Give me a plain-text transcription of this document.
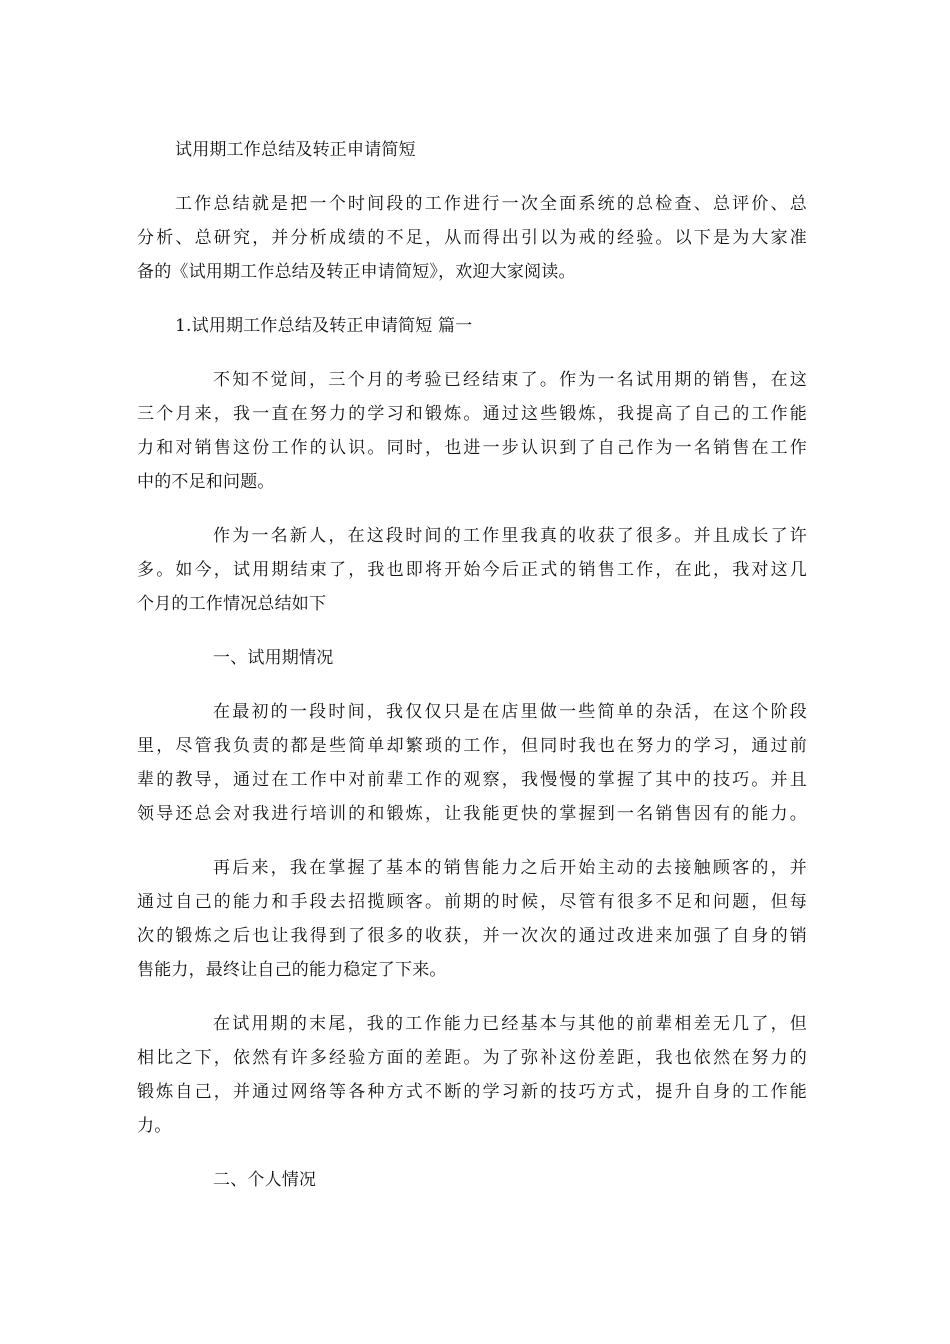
试用期工作总结及转正申请简短
工作总结就是把一个时间段的工作进行一次全面系统的总检查、总评价、总
分析、总研究，并分析成绩的不足，从而得出引以为戒的经验。以下是为大家准
备的《试用期工作总结及转正申请简短》，欢迎大家阅读。
1.试用期工作总结及转正申请简短 篇一
不知不觉间，三个月的考验已经结束了。作为一名试用期的销售，在这
三个月来，我一直在努力的学习和锻炼。通过这些锻炼，我提高了自己的工作能
力和对销售这份工作的认识。同时，也进一步认识到了自己作为一名销售在工作
中的不足和问题。
作为一名新人，在这段时间的工作里我真的收获了很多。并且成长了许
多。如今，试用期结束了，我也即将开始今后正式的销售工作，在此，我对这几
个月的工作情况总结如下
一、试用期情况
在最初的一段时间，我仅仅只是在店里做一些简单的杂活，在这个阶段
里，尽管我负责的都是些简单却繁琐的工作，但同时我也在努力的学习，通过前
辈的教导，通过在工作中对前辈工作的观察，我慢慢的掌握了其中的技巧。并且
领导还总会对我进行培训的和锻炼，让我能更快的掌握到一名销售因有的能力。
再后来，我在掌握了基本的销售能力之后开始主动的去接触顾客的，并
通过自己的能力和手段去招揽顾客。前期的时候，尽管有很多不足和问题，但每
次的锻炼之后也让我得到了很多的收获，并一次次的通过改进来加强了自身的销
售能力，最终让自己的能力稳定了下来。
在试用期的末尾，我的工作能力已经基本与其他的前辈相差无几了，但
相比之下，依然有许多经验方面的差距。为了弥补这份差距，我也依然在努力的
锻炼自己，并通过网络等各种方式不断的学习新的技巧方式，提升自身的工作能
力。
二、个人情况
